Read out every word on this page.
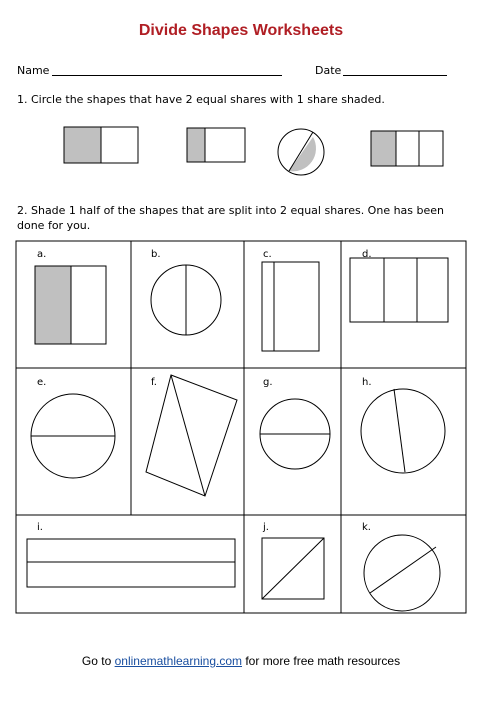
Divide Shapes Worksheets
Name	Date
1. Circle the shapes that have 2 equal shares with 1 share shaded.
a.	b.	c.	d.
e.	f.	g.	h.
i.	j.	k.
2. Shade 1 half of the shapes that are split into 2 equal shares. One has been done for you.
Go to onlinemathlearning.com for more free math resources
